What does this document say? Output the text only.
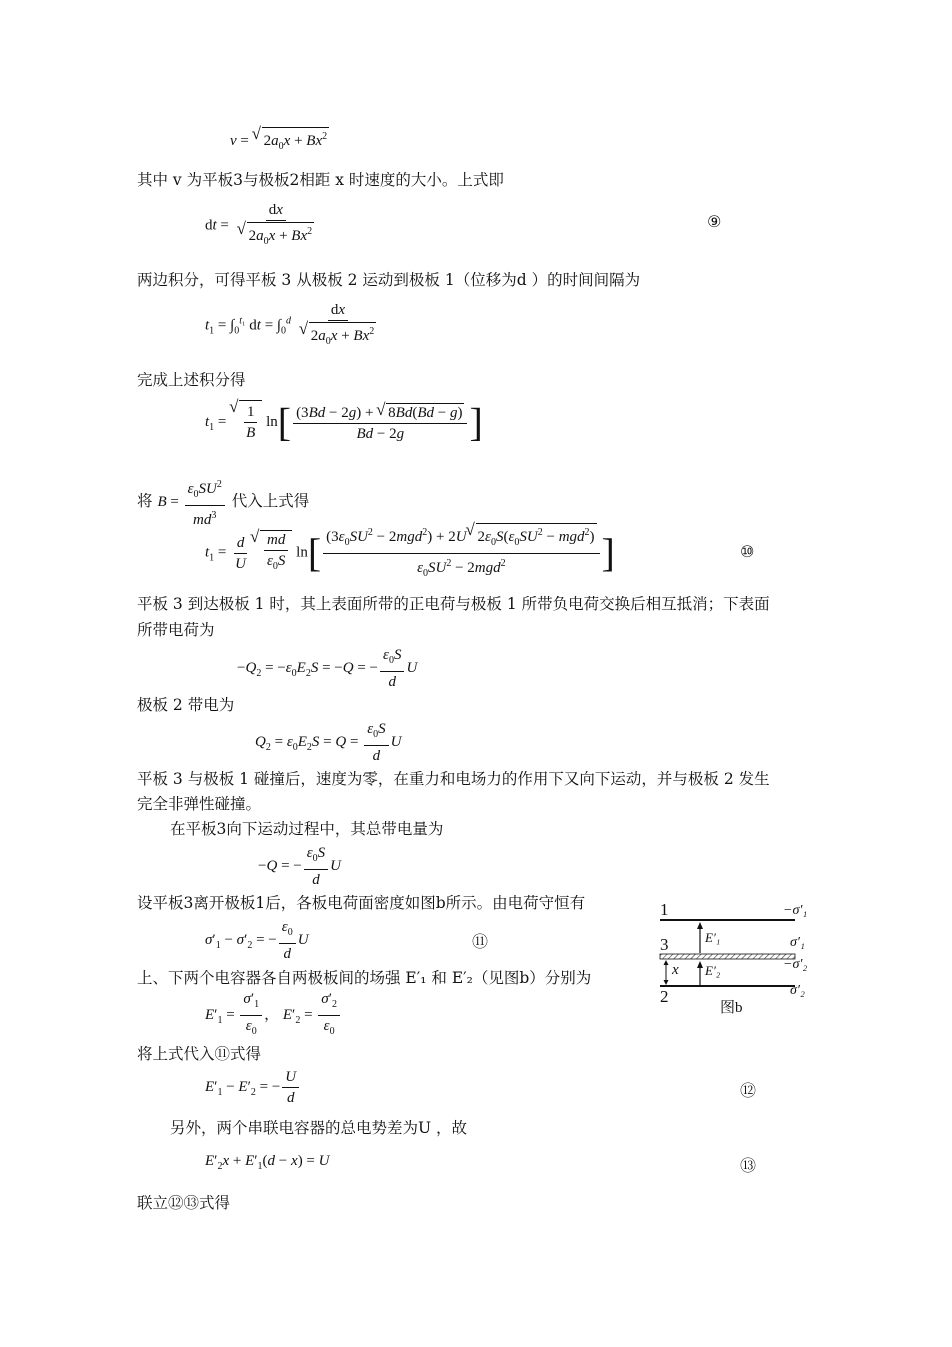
v = √ $2a_0x + Bx^2$
其中 v 为平板3与极板2相距 x 时速度的大小。上式即
dt = dx
√ $2a_0x + Bx^2$	⑨
两边积分，可得平板 3 从极板 2 运动到极板 1（位移为d ）的时间间隔为
$t_1 = \int_0^{t_1}$ dt = $\int_0^d$ dx
√ $2a_0x + Bx^2$
完成上述积分得
$t_1$ = √ $\frac{1}{B} \ln[ \frac{(3Bd - 2g) + √ 8Bd(Bd - g)}{Bd - 2g}$ ]
将 $B = \frac{\varepsilon_0SU^2}{md^3}$ 代入上式得
$t_1 = \frac{d}{U}$ √ $\frac{md}{\varepsilon_0S} \ln[ \frac{(3\varepsilon_0SU^2 - 2mgd^2) + 2U √ 2\varepsilon_0S(\varepsilon_0SU^2 - mgd^2)}{\varepsilon_0SU^2 - 2mgd^2}$ ]	⑩
平板 3 到达极板 1 时，其上表面所带的正电荷与极板 1 所带负电荷交换后相互抵消；下表面
所带电荷为
$-Q_2 = -\varepsilon_0E_2S = -Q$ = − $\frac{\varepsilon_0S}{d}$ U
极板 2 带电为
$Q_2 = \varepsilon_0E_2S = Q = \frac{\varepsilon_0S}{d}$ U
平板 3 与极板 1 碰撞后，速度为零，在重力和电场力的作用下又向下运动，并与极板 2 发生
完全非弹性碰撞。
在平板3向下运动过程中，其总带电量为
−Q = − $\frac{\varepsilon_0S}{d}$ U
设平板3离开极板1后，各板电荷面密度如图b所示。由电荷守恒有
$\sigma'_1 - \sigma'_2$ = − $\frac{\varepsilon_0}{d}$ U	⑪
上、下两个电容器各自两极板间的场强 E′₁ 和 E′₂（见图b）分别为
$E'_1 = \frac{\sigma'_1}{\varepsilon_0}$ ， $E'_2 = \frac{\sigma'_2}{\varepsilon_0}$
将上式代入⑪式得
$E'_1 - E'_2$ = − $\frac{U}{d}$	⑫
另外，两个串联电容器的总电势差为U ，故
$E'_2x + E'_1(d - x) = U$	⑬
联立⑫⑬式得
1
3
2
x
E′₁
E′₂
−σ′₁
σ′₁
−σ′₂
σ′₂
图b
